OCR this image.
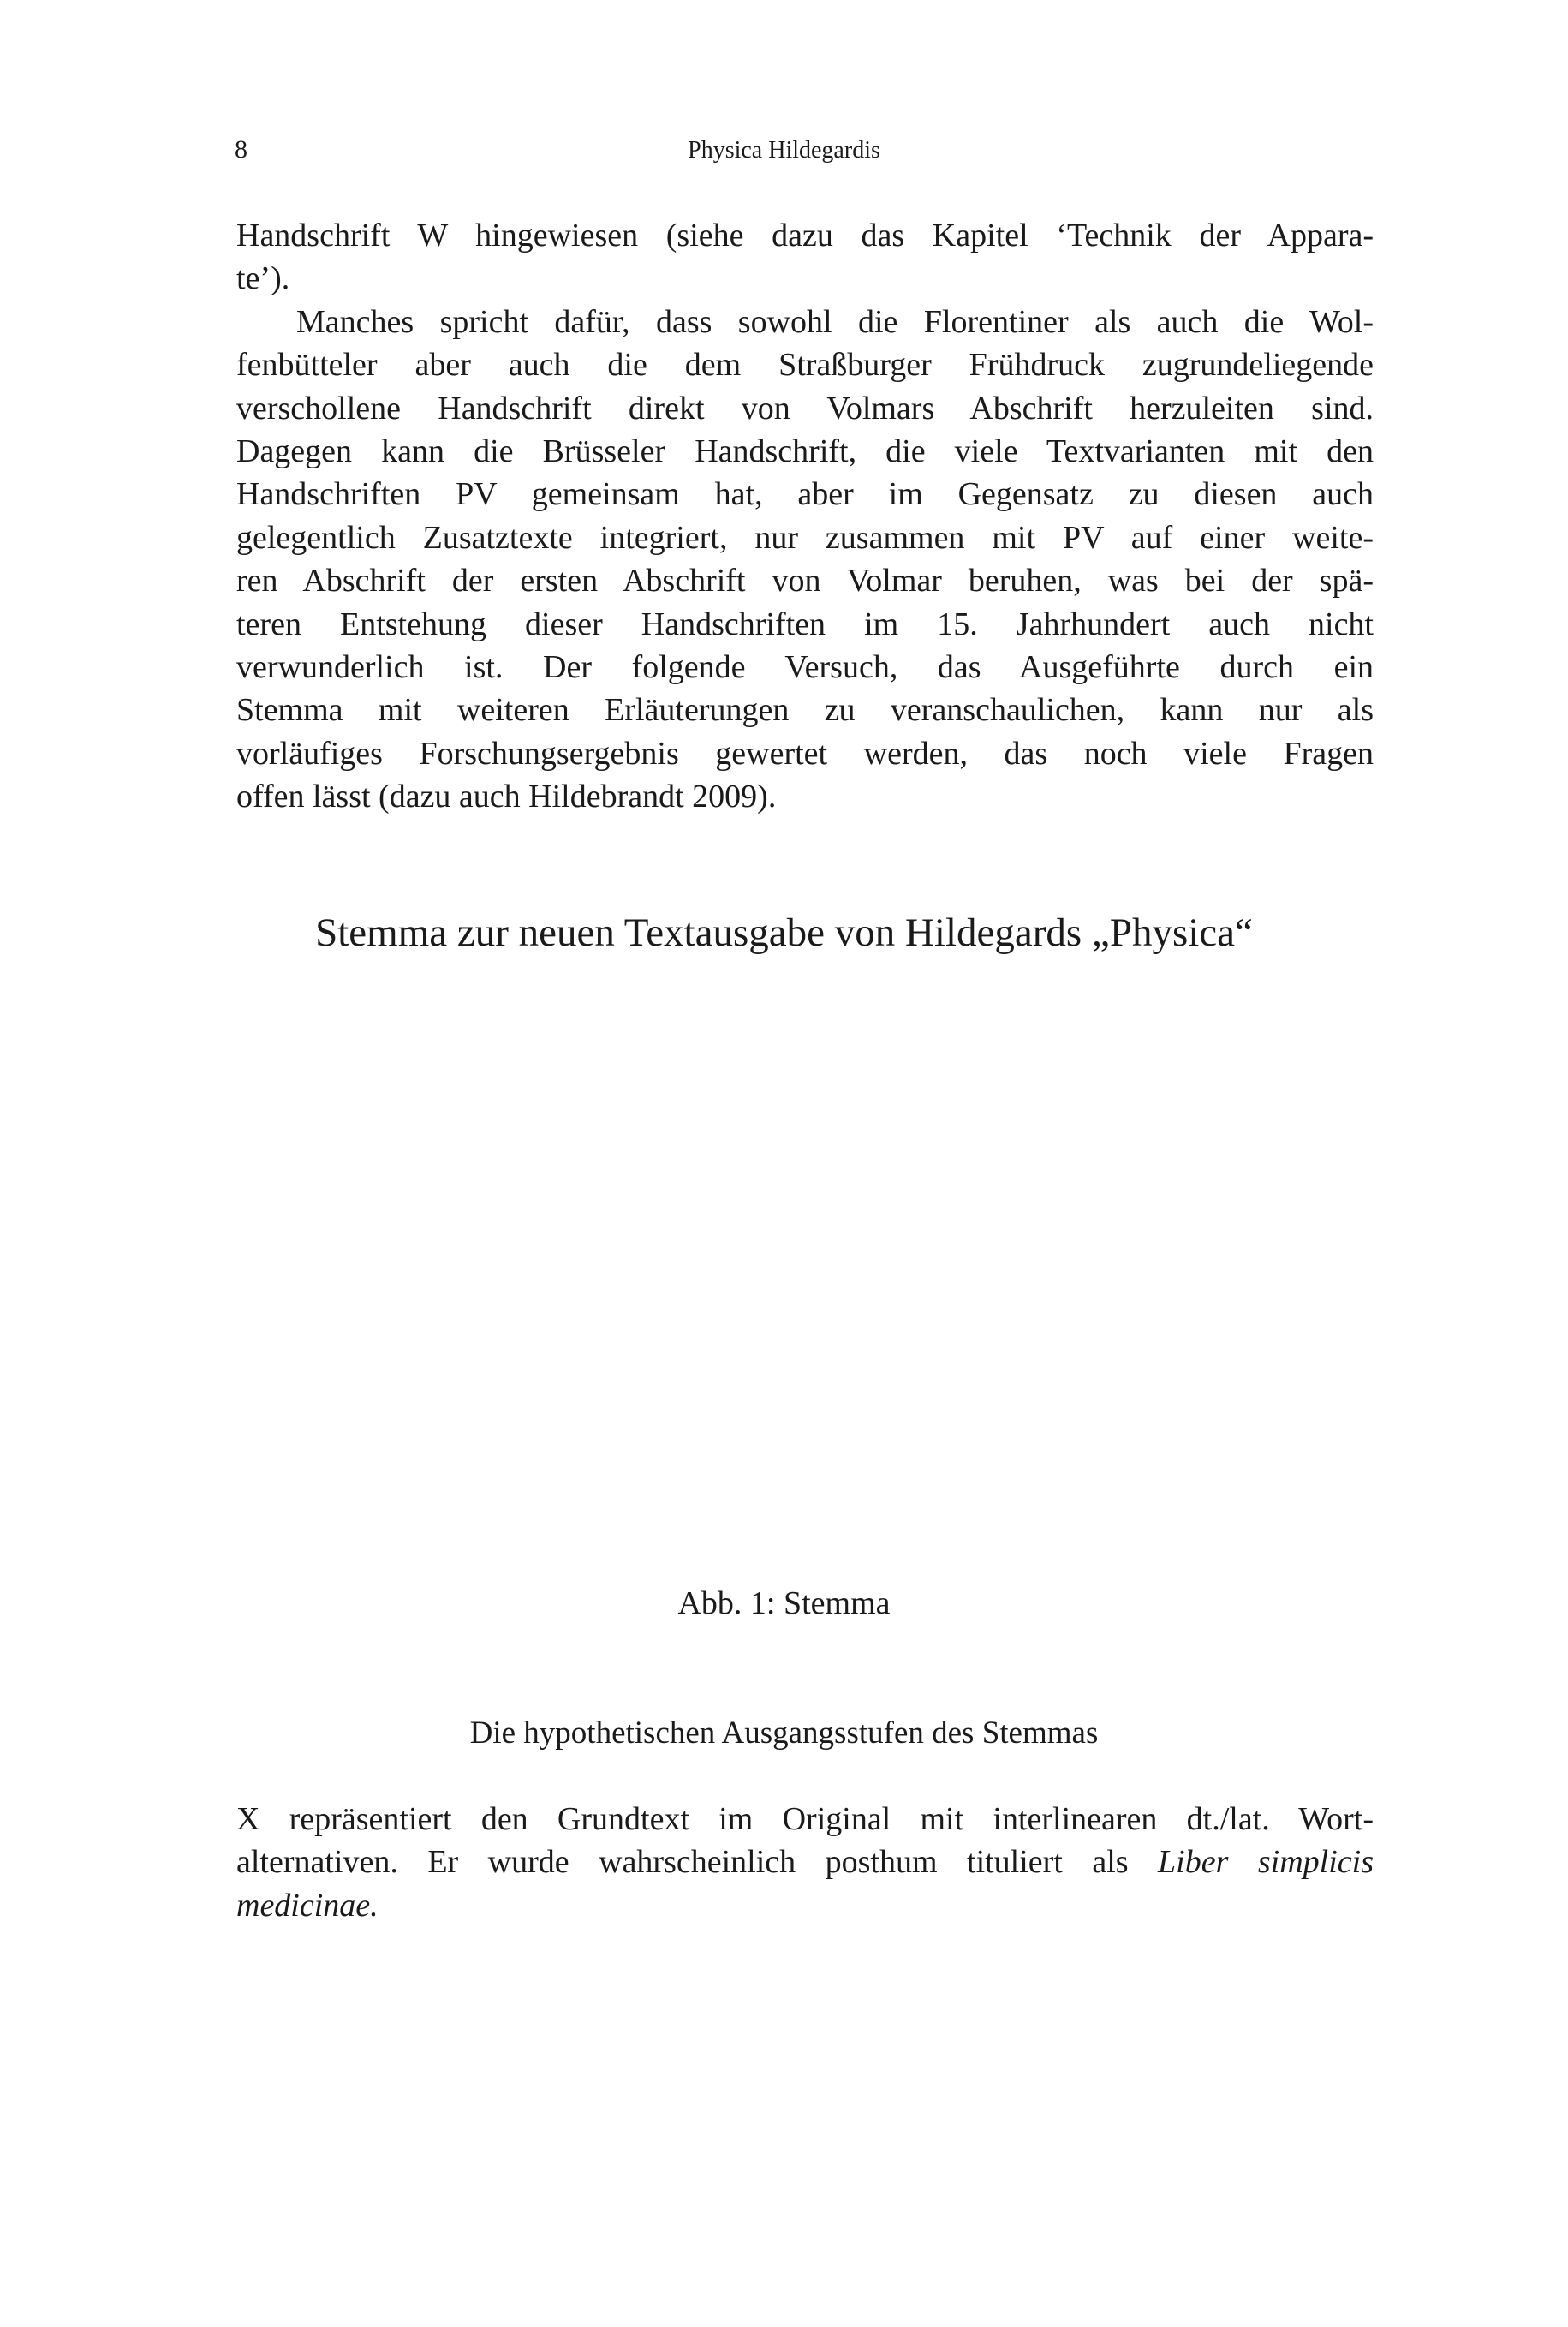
8	Physica Hildegardis
Handschrift W hingewiesen (siehe dazu das Kapitel ‘Technik der Appara-
te’).
Manches spricht dafür, dass sowohl die Florentiner als auch die Wol-
fenbütteler aber auch die dem Straßburger Frühdruck zugrundeliegende
verschollene Handschrift direkt von Volmars Abschrift herzuleiten sind.
Dagegen kann die Brüsseler Handschrift, die viele Textvarianten mit den
Handschriften PV gemeinsam hat, aber im Gegensatz zu diesen auch
gelegentlich Zusatztexte integriert, nur zusammen mit PV auf einer weite-
ren Abschrift der ersten Abschrift von Volmar beruhen, was bei der spä-
teren Entstehung dieser Handschriften im 15. Jahrhundert auch nicht
verwunderlich ist. Der folgende Versuch, das Ausgeführte durch ein
Stemma mit weiteren Erläuterungen zu veranschaulichen, kann nur als
vorläufiges Forschungsergebnis gewertet werden, das noch viele Fragen
offen lässt (dazu auch Hildebrandt 2009).
Stemma zur neuen Textausgabe von Hildegards „Physica“
Abb. 1: Stemma
Die hypothetischen Ausgangsstufen des Stemmas
X repräsentiert den Grundtext im Original mit interlinearen dt./lat. Wort-
alternativen. Er wurde wahrscheinlich posthum tituliert als Liber simplicis
medicinae.
